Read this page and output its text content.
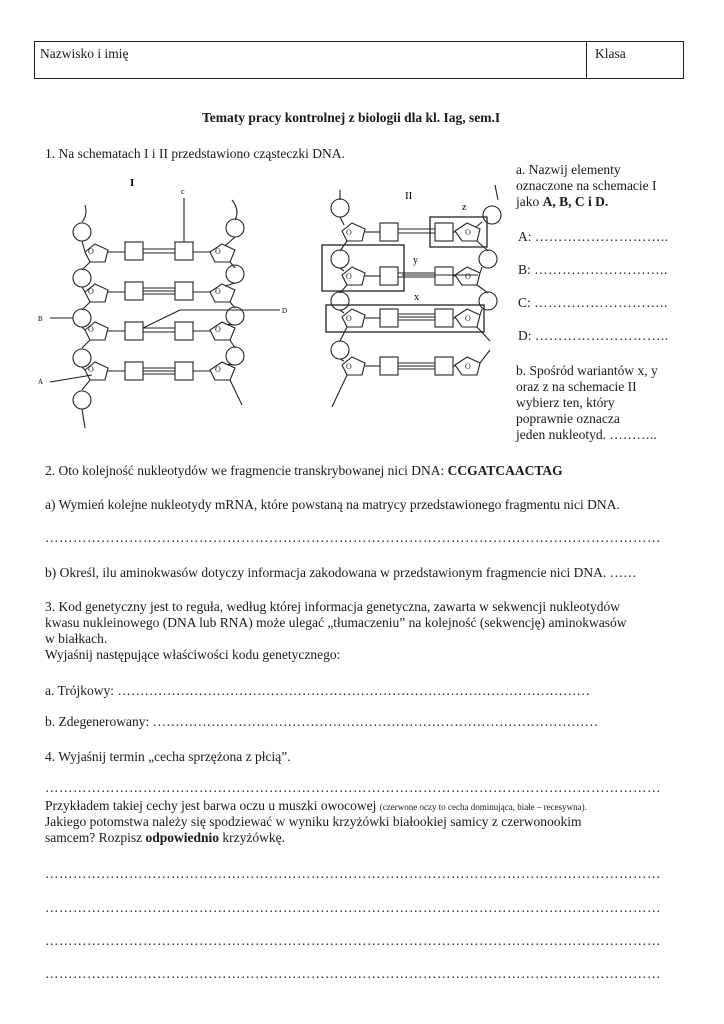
Nazwisko i imię	Klasa
Tematy pracy kontrolnej z biologii dla kl. Iag, sem.I
1. Na schematach I i II przedstawiono cząsteczki DNA.
O
O
O
O
O
O
O
O
I
c
B
A
D
O
O
O
O
O
O
O
O
II
z
y
x
a. Nazwij elementy
oznaczone na schemacie I
jako A, B, C i D.
A: ………………………..
B: ………………………..
C: ………………………..
D: ………………………..
b. Spośród wariantów x, y
oraz z na schemacie II
wybierz ten, który
poprawnie oznacza
jeden nukleotyd. ………..
2. Oto kolejność nukleotydów we fragmencie transkrybowanej nici DNA: CCGATCAACTAG
a) Wymień kolejne nukleotydy mRNA, które powstaną na matrycy przedstawionego fragmentu nici DNA.
……………………………………………………………………………………………………………………
b) Określ, ilu aminokwasów dotyczy informacja zakodowana w przedstawionym fragmencie nici DNA. ……
3. Kod genetyczny jest to reguła, według której informacja genetyczna, zawarta w sekwencji nukleotydów
kwasu nukleinowego (DNA lub RNA) może ulegać „tłumaczeniu” na kolejność (sekwencję) aminokwasów
w białkach.
Wyjaśnij następujące właściwości kodu genetycznego:
a. Trójkowy: ……………………………………………………………………………………………
b. Zdegenerowany: ………………………………………………………………………………………
4. Wyjaśnij termin „cecha sprzężona z płcią”.
……………………………………………………………………………………………………………………
Przykładem takiej cechy jest barwa oczu u muszki owocowej (czerwone oczy to cecha dominująca, białe – recesywna).
Jakiego potomstwa należy się spodziewać w wyniku krzyżówki białookiej samicy z czerwonookim
samcem? Rozpisz odpowiednio krzyżówkę.
……………………………………………………………………………………………………………………
……………………………………………………………………………………………………………………
……………………………………………………………………………………………………………………
……………………………………………………………………………………………………………………
